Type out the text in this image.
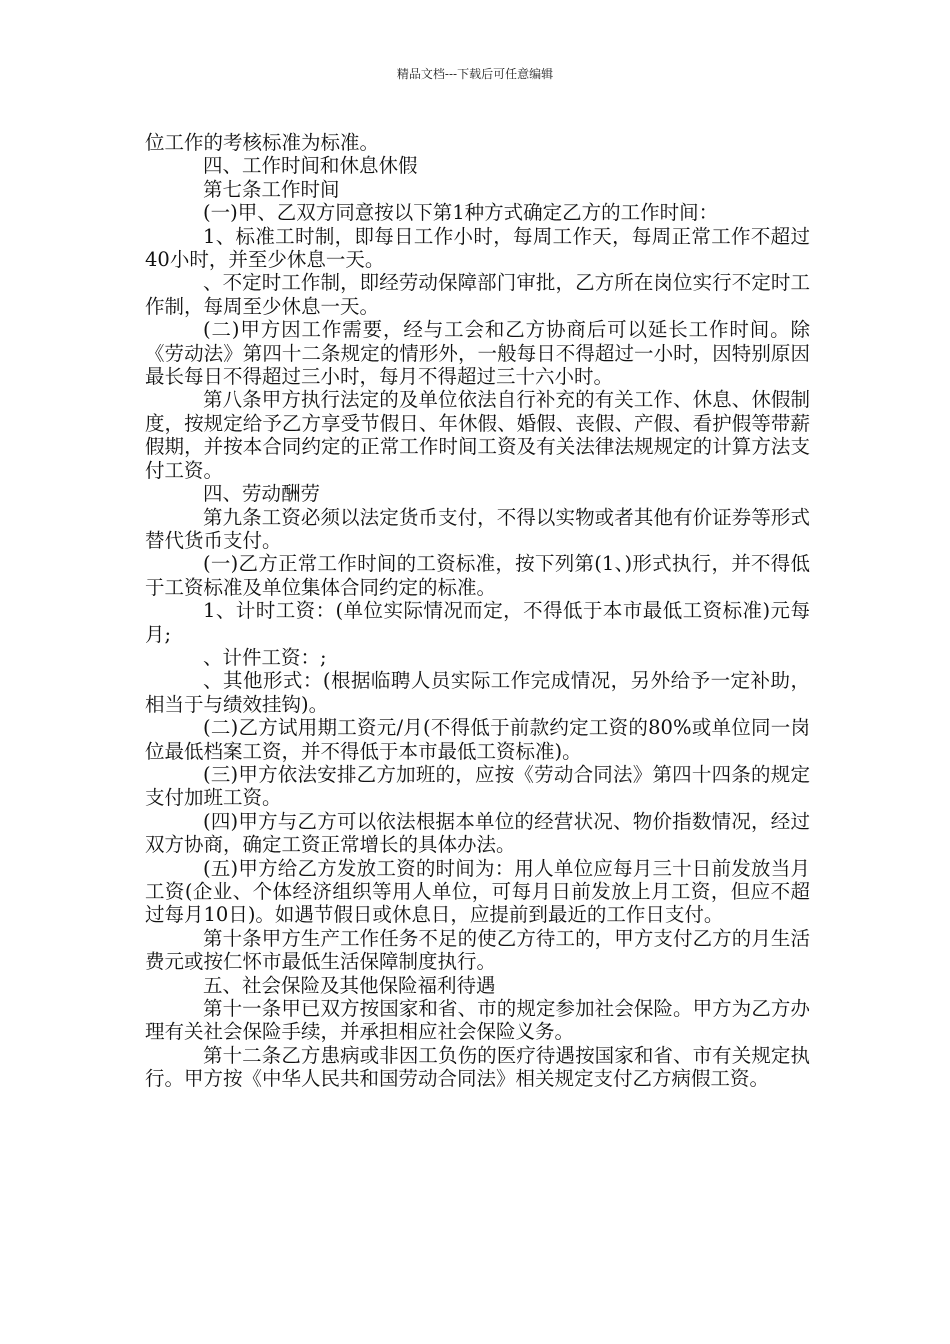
精品文档---下载后可任意编辑

位工作的考核标准为标准。

四、工作时间和休息休假

第七条工作时间

(一)甲、乙双方同意按以下第1种方式确定乙方的工作时间：

1、标准工时制，即每日工作小时，每周工作天，每周正常工作不超过40小时，并至少休息一天。

、不定时工作制，即经劳动保障部门审批，乙方所在岗位实行不定时工作制，每周至少休息一天。

(二)甲方因工作需要，经与工会和乙方协商后可以延长工作时间。除《劳动法》第四十二条规定的情形外，一般每日不得超过一小时，因特别原因最长每日不得超过三小时，每月不得超过三十六小时。

第八条甲方执行法定的及单位依法自行补充的有关工作、休息、休假制度，按规定给予乙方享受节假日、年休假、婚假、丧假、产假、看护假等带薪假期，并按本合同约定的正常工作时间工资及有关法律法规规定的计算方法支付工资。

四、劳动酬劳

第九条工资必须以法定货币支付，不得以实物或者其他有价证券等形式替代货币支付。

(一)乙方正常工作时间的工资标准，按下列第(1、)形式执行，并不得低于工资标准及单位集体合同约定的标准。

1、计时工资：(单位实际情况而定，不得低于本市最低工资标准)元每月;

、计件工资：;

、其他形式：(根据临聘人员实际工作完成情况，另外给予一定补助，相当于与绩效挂钩)。

(二)乙方试用期工资元/月(不得低于前款约定工资的80%或单位同一岗位最低档案工资，并不得低于本市最低工资标准)。

(三)甲方依法安排乙方加班的，应按《劳动合同法》第四十四条的规定支付加班工资。

(四)甲方与乙方可以依法根据本单位的经营状况、物价指数情况，经过双方协商，确定工资正常增长的具体办法。

(五)甲方给乙方发放工资的时间为：用人单位应每月三十日前发放当月工资(企业、个体经济组织等用人单位，可每月日前发放上月工资，但应不超过每月10日)。如遇节假日或休息日，应提前到最近的工作日支付。

第十条甲方生产工作任务不足的使乙方待工的，甲方支付乙方的月生活费元或按仁怀市最低生活保障制度执行。

五、社会保险及其他保险福利待遇

第十一条甲已双方按国家和省、市的规定参加社会保险。甲方为乙方办理有关社会保险手续，并承担相应社会保险义务。

第十二条乙方患病或非因工负伤的医疗待遇按国家和省、市有关规定执行。甲方按《中华人民共和国劳动合同法》相关规定支付乙方病假工资。
